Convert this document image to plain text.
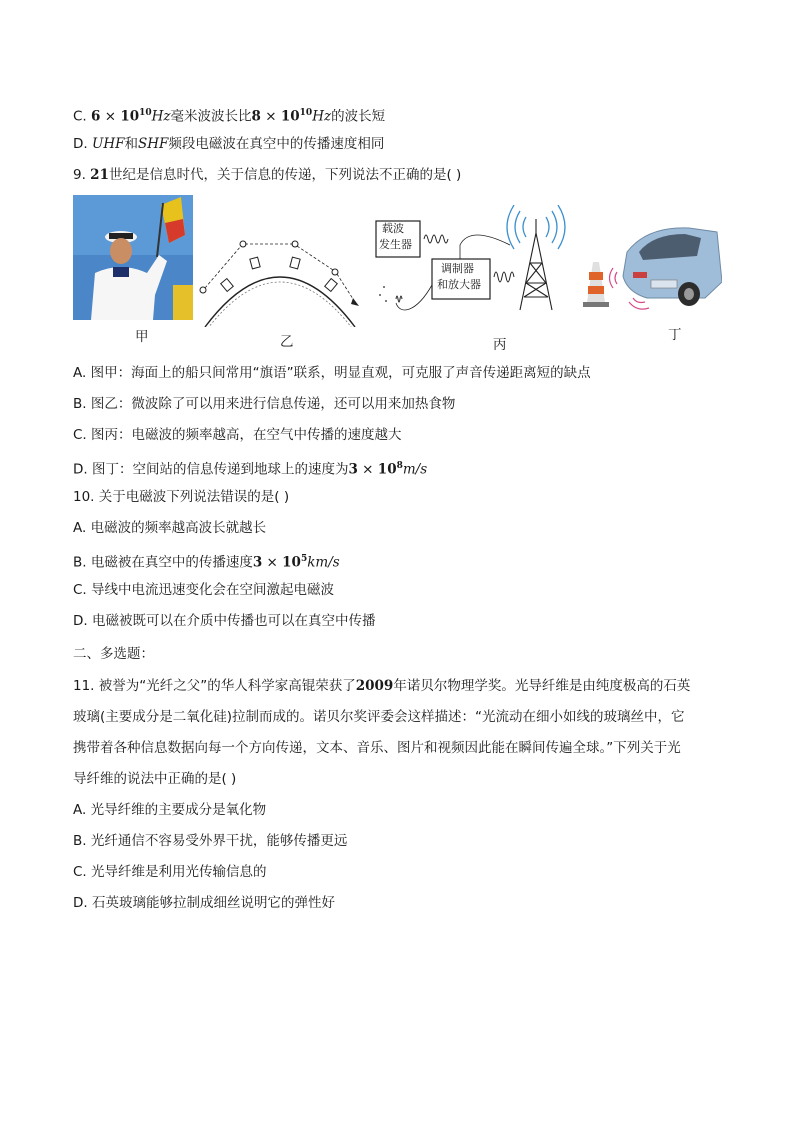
C. $6 \times 10^{10}Hz$毫米波波长比$8 \times 10^{10}Hz$的波长短
D. UHF和SHF频段电磁波在真空中的传播速度相同
9. 21世纪是信息时代，关于信息的传递，下列说法不正确的是( )
甲	乙
载波
发生器
调制器
和放大器
丙
丁
A. 图甲：海面上的船只间常用“旗语”联系，明显直观，可克服了声音传递距离短的缺点
B. 图乙：微波除了可以用来进行信息传递，还可以用来加热食物
C. 图丙：电磁波的频率越高，在空气中传播的速度越大
D. 图丁：空间站的信息传递到地球上的速度为$3 \times 10^8m/s$
10. 关于电磁波下列说法错误的是( )
A. 电磁波的频率越高波长就越长
B. 电磁被在真空中的传播速度$3 \times 10^5km/s$
C. 导线中电流迅速变化会在空间激起电磁波
D. 电磁被既可以在介质中传播也可以在真空中传播
二、多选题：
11. 被誉为“光纤之父”的华人科学家高锟荣获了2009年诺贝尔物理学奖。光导纤维是由纯度极高的石英
玻璃(主要成分是二氧化硅)拉制而成的。诺贝尔奖评委会这样描述：“光流动在细小如线的玻璃丝中，它
携带着各种信息数据向每一个方向传递，文本、音乐、图片和视频因此能在瞬间传遍全球。”下列关于光
导纤维的说法中正确的是( )
A. 光导纤维的主要成分是氧化物
B. 光纤通信不容易受外界干扰，能够传播更远
C. 光导纤维是利用光传输信息的
D. 石英玻璃能够拉制成细丝说明它的弹性好
